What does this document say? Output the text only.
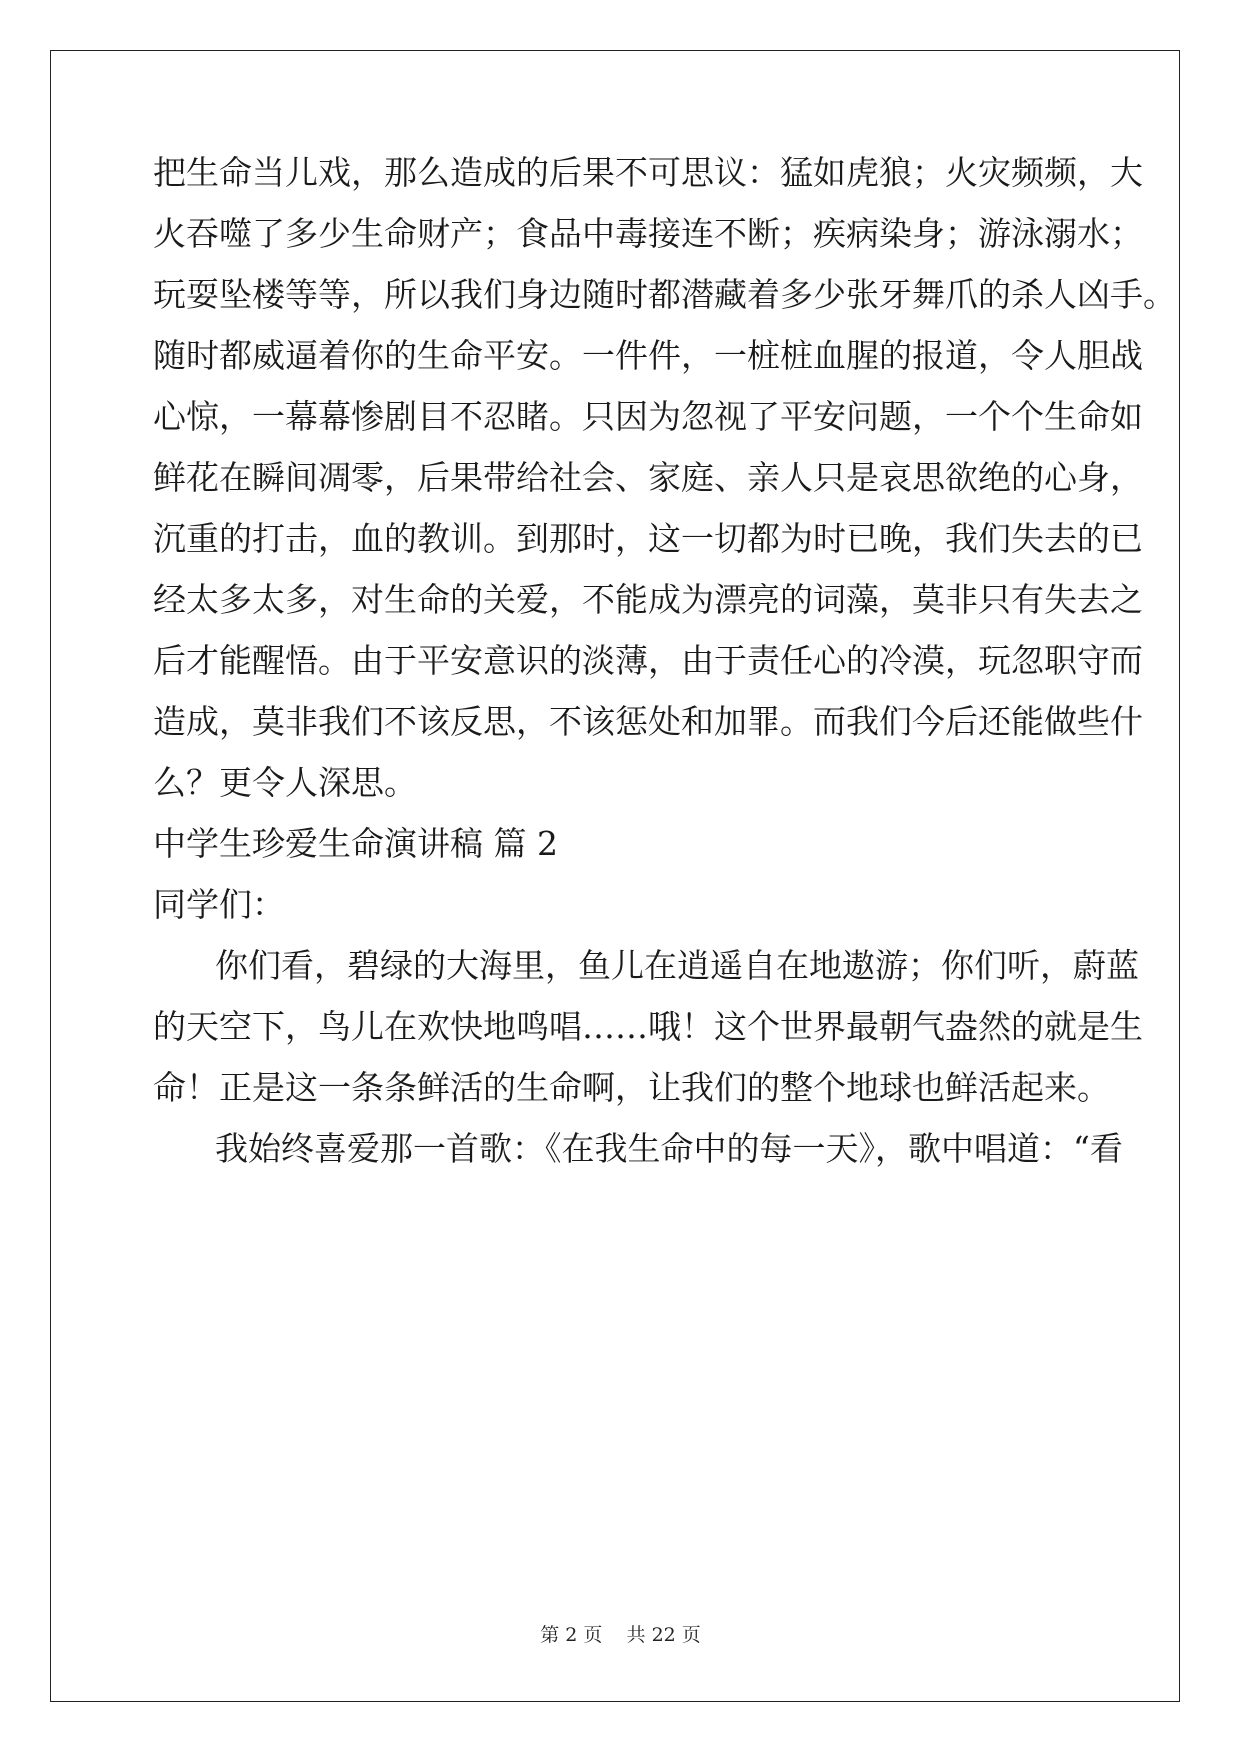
把生命当儿戏，那么造成的后果不可思议：猛如虎狼；火灾频频，大
火吞噬了多少生命财产；食品中毒接连不断；疾病染身；游泳溺水；
玩耍坠楼等等，所以我们身边随时都潜藏着多少张牙舞爪的杀人凶手。
随时都威逼着你的生命平安。一件件，一桩桩血腥的报道，令人胆战
心惊，一幕幕惨剧目不忍睹。只因为忽视了平安问题，一个个生命如
鲜花在瞬间凋零，后果带给社会、家庭、亲人只是哀思欲绝的心身，
沉重的打击，血的教训。到那时，这一切都为时已晚，我们失去的已
经太多太多，对生命的关爱，不能成为漂亮的词藻，莫非只有失去之
后才能醒悟。由于平安意识的淡薄，由于责任心的冷漠，玩忽职守而
造成，莫非我们不该反思，不该惩处和加罪。而我们今后还能做些什
么？更令人深思。
中学生珍爱生命演讲稿 篇 2
同学们：
你们看，碧绿的大海里，鱼儿在逍遥自在地遨游；你们听，蔚蓝
的天空下，鸟儿在欢快地鸣唱……哦！这个世界最朝气盎然的就是生
命！正是这一条条鲜活的生命啊，让我们的整个地球也鲜活起来。
我始终喜爱那一首歌：《在我生命中的每一天》，歌中唱道：“看
第 2 页    共 22 页
